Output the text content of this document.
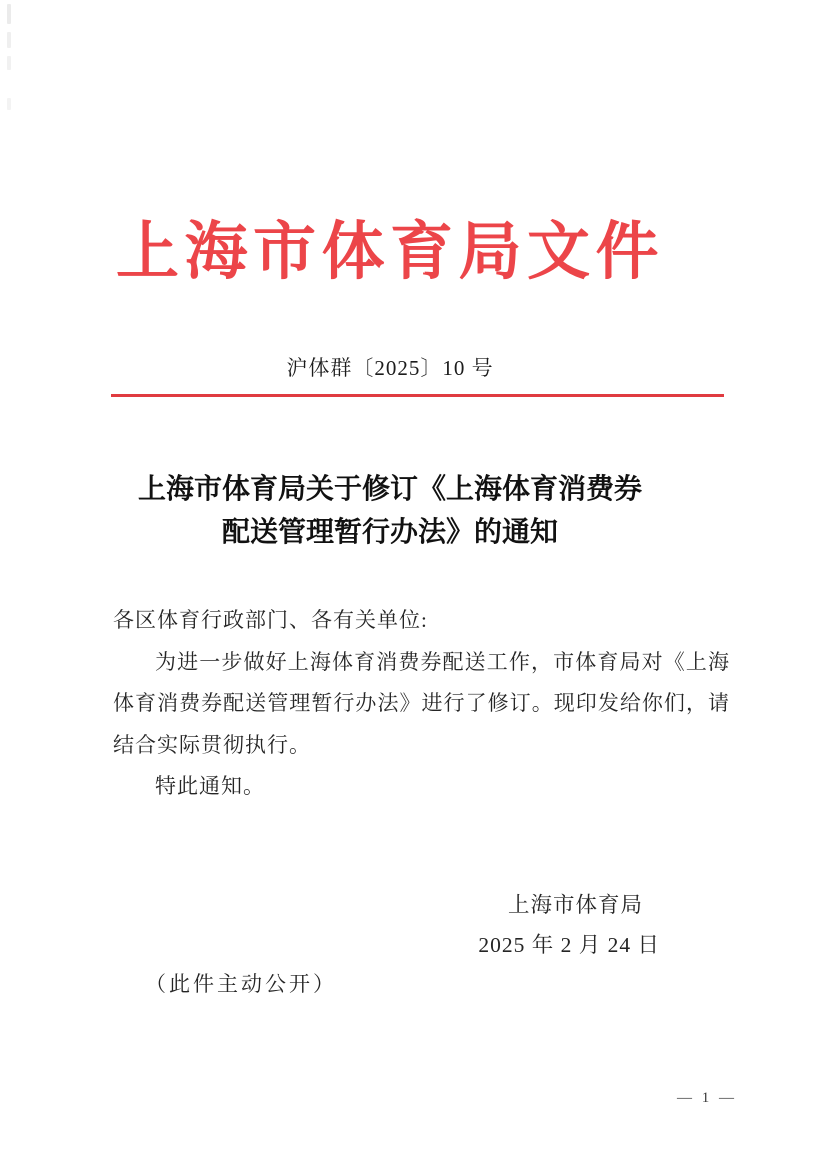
上海市体育局文件
沪体群〔2025〕10 号
上海市体育局关于修订《上海体育消费券
配送管理暂行办法》的通知

各区体育行政部门、各有关单位:

为进一步做好上海体育消费券配送工作，市体育局对《上海体育消费券配送管理暂行办法》进行了修订。现印发给你们，请结合实际贯彻执行。

特此通知。

上海市体育局
2025 年 2 月 24 日
（此件主动公开）
— 1 —
